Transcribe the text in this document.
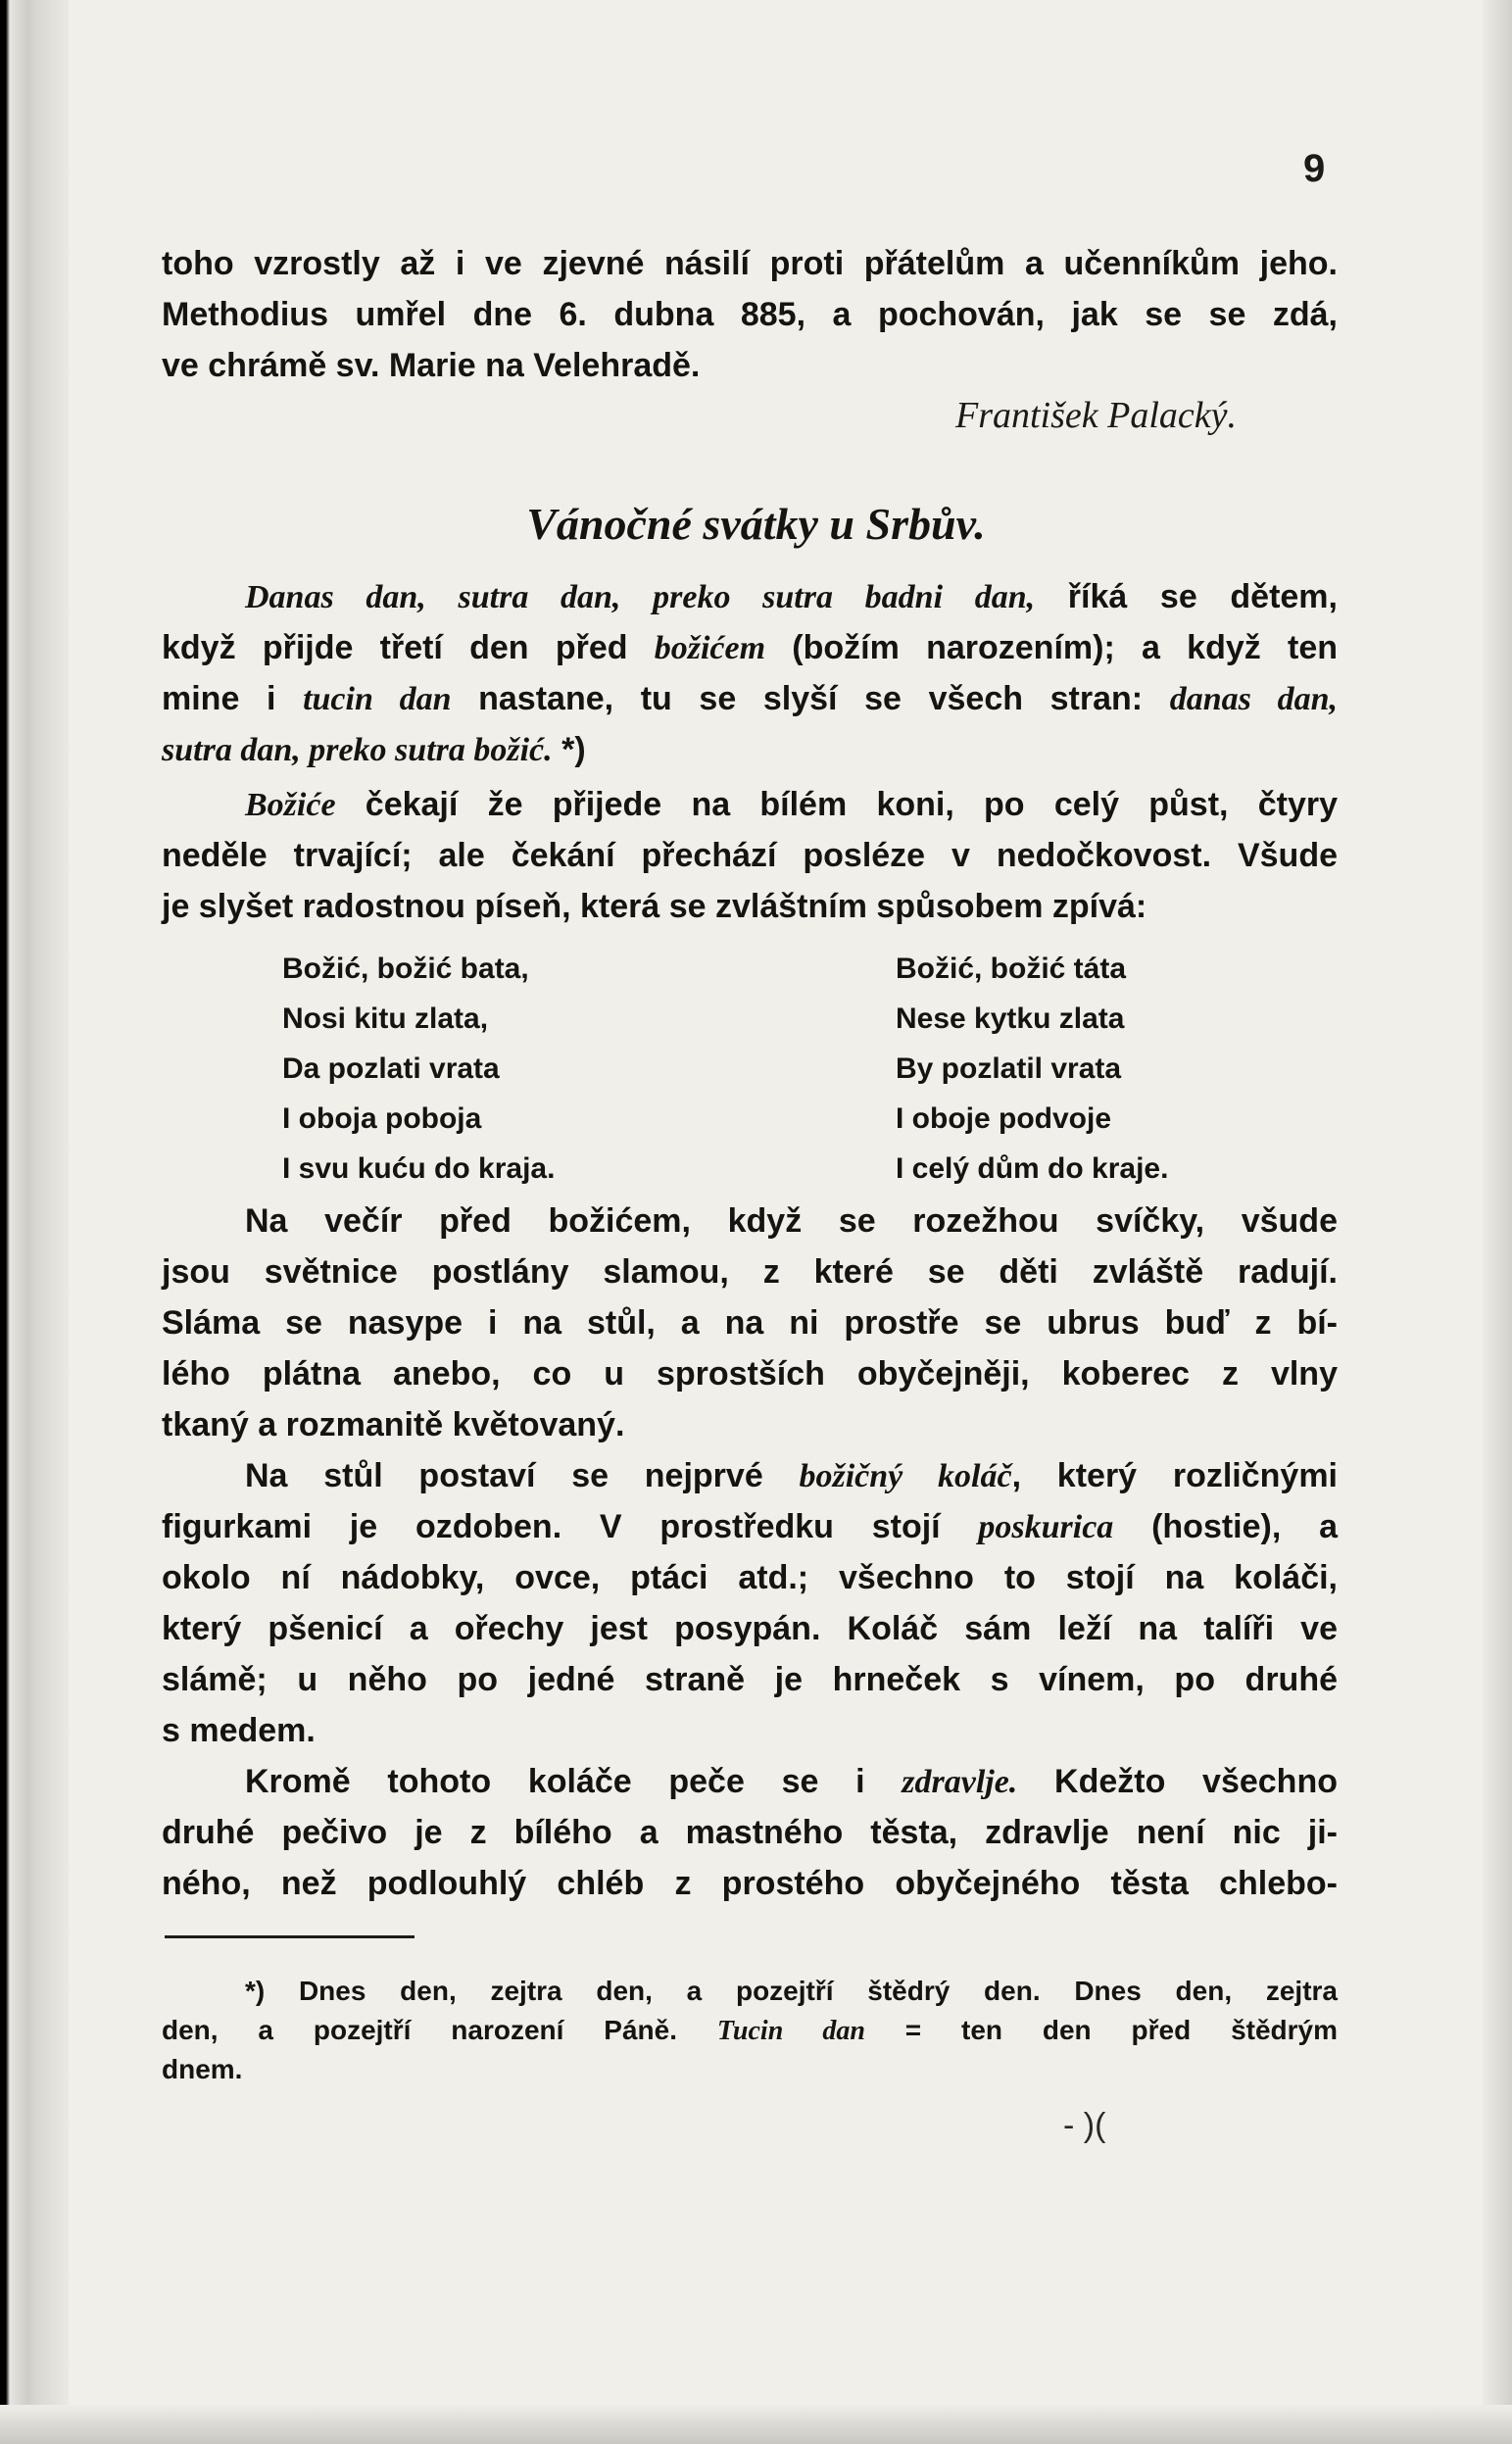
9
toho vzrostly až i ve zjevné násilí proti přátelům a učenníkům jeho.
Methodius umřel dne 6. dubna 885, a pochován, jak se se zdá,
ve chrámě sv. Marie na Velehradě.
František Palacký.
Vánočné svátky u Srbův.
Danas dan, sutra dan, preko sutra badni dan, říká se dětem,
když přijde třetí den před božićem (božím narozením); a když ten
mine i tucin dan nastane, tu se slyší se všech stran: danas dan,
sutra dan, preko sutra božić. *)
Božiće čekají že přijede na bílém koni, po celý půst, čtyry
neděle trvající; ale čekání přechází posléze v nedočkovost. Všude
je slyšet radostnou píseň, která se zvláštním spůsobem zpívá:
Božić, božić bata,	Božić, božić táta
Nosi kitu zlata,	Nese kytku zlata
Da pozlati vrata	By pozlatil vrata
I oboja poboja	I oboje podvoje
I svu kuću do kraja.	I celý dům do kraje.
Na večír před božićem, když se rozežhou svíčky, všude
jsou světnice postlány slamou, z které se děti zvláště radují.
Sláma se nasype i na stůl, a na ni prostře se ubrus buď z bí-
lého plátna anebo, co u sprostších obyčejněji, koberec z vlny
tkaný a rozmanitě květovaný.
Na stůl postaví se nejprvé božičný koláč, který rozličnými
figurkami je ozdoben. V prostředku stojí poskurica (hostie), a
okolo ní nádobky, ovce, ptáci atd.; všechno to stojí na koláči,
který pšenicí a ořechy jest posypán. Koláč sám leží na talíři ve
slámě; u něho po jedné straně je hrneček s vínem, po druhé
s medem.
Kromě tohoto koláče peče se i zdravlje. Kdežto všechno
druhé pečivo je z bílého a mastného těsta, zdravlje není nic ji-
ného, než podlouhlý chléb z prostého obyčejného těsta chlebo-
*) Dnes den, zejtra den, a pozejtří štědrý den. Dnes den, zejtra
den, a pozejtří narození Páně. Tucin dan = ten den před štědrým
dnem.
- )(
